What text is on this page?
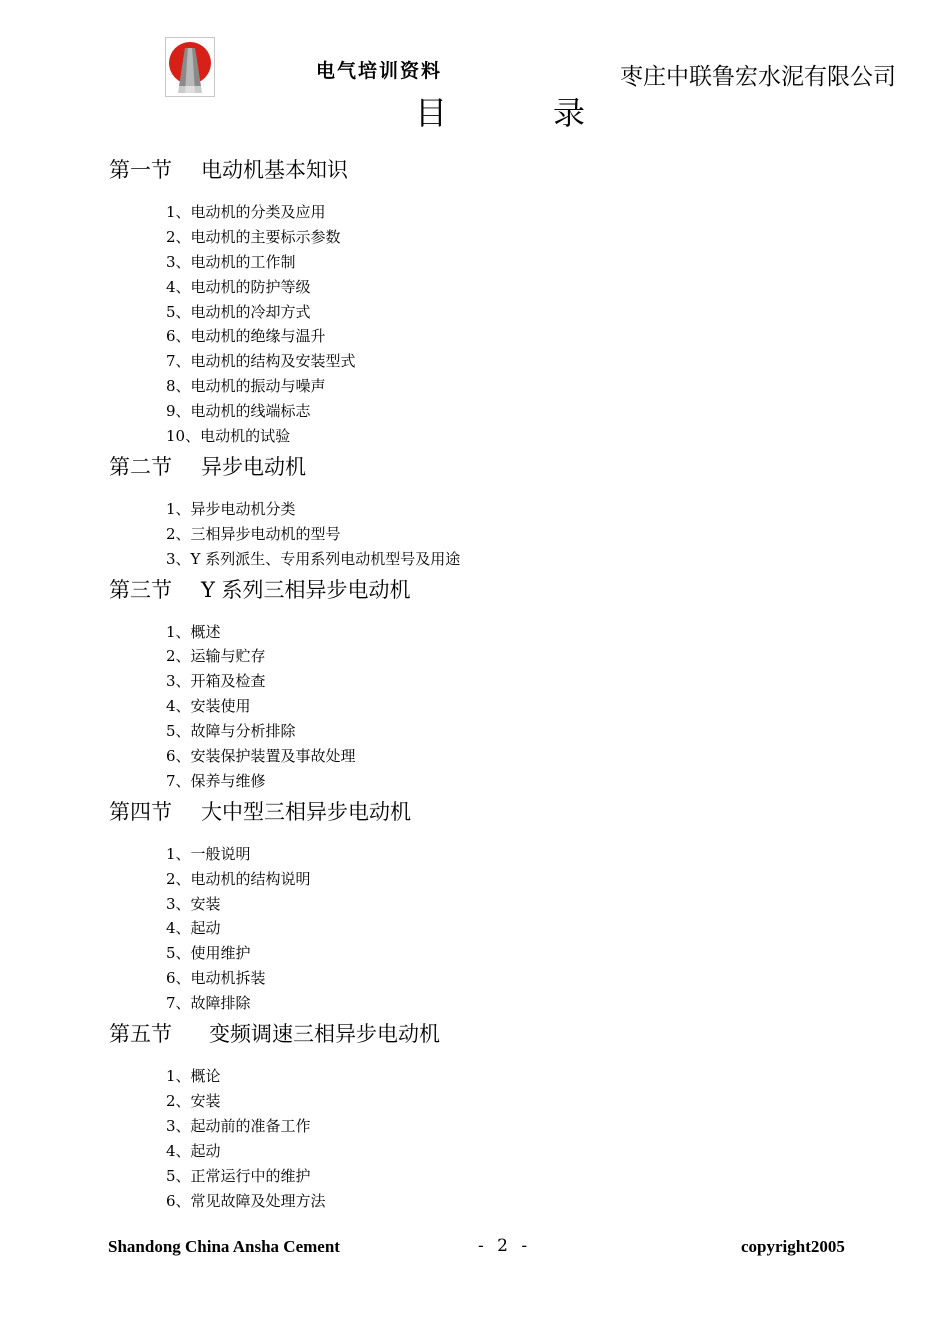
电气培训资料	枣庄中联鲁宏水泥有限公司
目	录
第一节 电动机基本知识
1、电动机的分类及应用
2、电动机的主要标示参数
3、电动机的工作制
4、电动机的防护等级
5、电动机的冷却方式
6、电动机的绝缘与温升
7、电动机的结构及安装型式
8、电动机的振动与噪声
9、电动机的线端标志
10、电动机的试验
第二节 异步电动机
1、异步电动机分类
2、三相异步电动机的型号
3、Y 系列派生、专用系列电动机型号及用途
第三节 Y 系列三相异步电动机
1、概述
2、运输与贮存
3、开箱及检查
4、安装使用
5、故障与分析排除
6、安装保护装置及事故处理
7、保养与维修
第四节 大中型三相异步电动机
1、一般说明
2、电动机的结构说明
3、安装
4、起动
5、使用维护
6、电动机拆装
7、故障排除
第五节 变频调速三相异步电动机
1、概论
2、安装
3、起动前的准备工作
4、起动
5、正常运行中的维护
6、常见故障及处理方法
Shandong China Ansha Cement	- 2 -	copyright2005
